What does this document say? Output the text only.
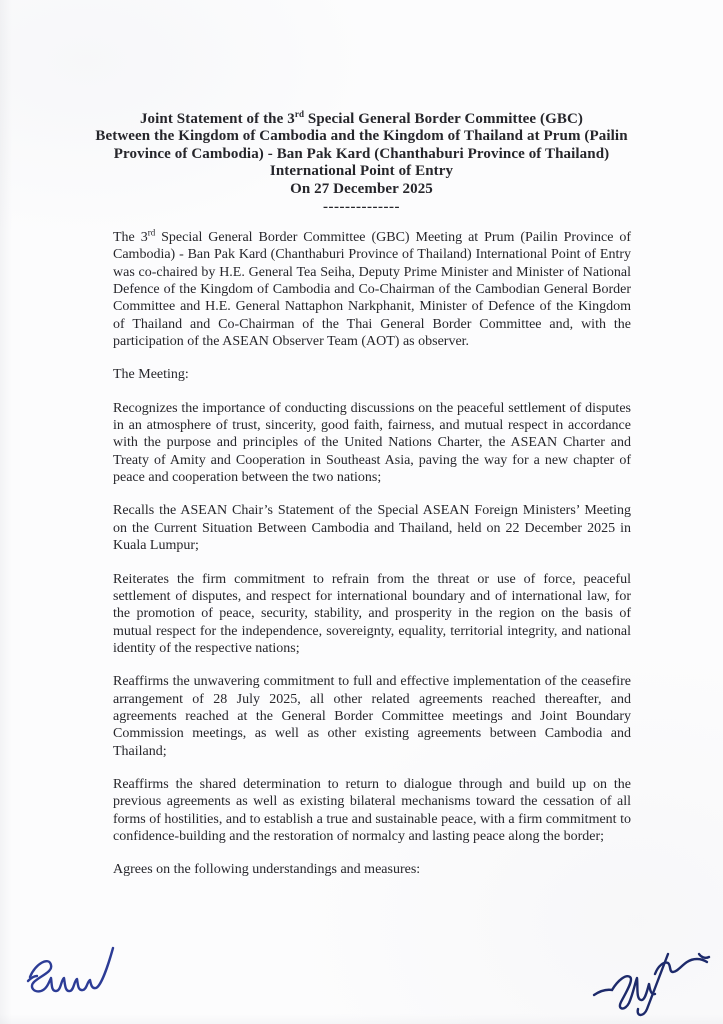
Joint Statement of the 3rd Special General Border Committee (GBC)
Between the Kingdom of Cambodia and the Kingdom of Thailand at Prum (Pailin
Province of Cambodia) - Ban Pak Kard (Chanthaburi Province of Thailand)
International Point of Entry
On 27 December 2025
--------------

The 3rd Special General Border Committee (GBC) Meeting at Prum (Pailin Province of Cambodia) - Ban Pak Kard (Chanthaburi Province of Thailand) International Point of Entry was co-chaired by H.E. General Tea Seiha, Deputy Prime Minister and Minister of National Defence of the Kingdom of Cambodia and Co-Chairman of the Cambodian General Border Committee and H.E. General Nattaphon Narkphanit, Minister of Defence of the Kingdom of Thailand and Co-Chairman of the Thai General Border Committee and, with the participation of the ASEAN Observer Team (AOT) as observer.

The Meeting:

Recognizes the importance of conducting discussions on the peaceful settlement of disputes in an atmosphere of trust, sincerity, good faith, fairness, and mutual respect in accordance with the purpose and principles of the United Nations Charter, the ASEAN Charter and Treaty of Amity and Cooperation in Southeast Asia, paving the way for a new chapter of peace and cooperation between the two nations;

Recalls the ASEAN Chair’s Statement of the Special ASEAN Foreign Ministers’ Meeting on the Current Situation Between Cambodia and Thailand, held on 22 December 2025 in Kuala Lumpur;

Reiterates the firm commitment to refrain from the threat or use of force, peaceful settlement of disputes, and respect for international boundary and of international law, for the promotion of peace, security, stability, and prosperity in the region on the basis of mutual respect for the independence, sovereignty, equality, territorial integrity, and national identity of the respective nations;

Reaffirms the unwavering commitment to full and effective implementation of the ceasefire arrangement of 28 July 2025, all other related agreements reached thereafter, and agreements reached at the General Border Committee meetings and Joint Boundary Commission meetings, as well as other existing agreements between Cambodia and Thailand;

Reaffirms the shared determination to return to dialogue through and build up on the previous agreements as well as existing bilateral mechanisms toward the cessation of all forms of hostilities, and to establish a true and sustainable peace, with a firm commitment to confidence-building and the restoration of normalcy and lasting peace along the border;

Agrees on the following understandings and measures:
